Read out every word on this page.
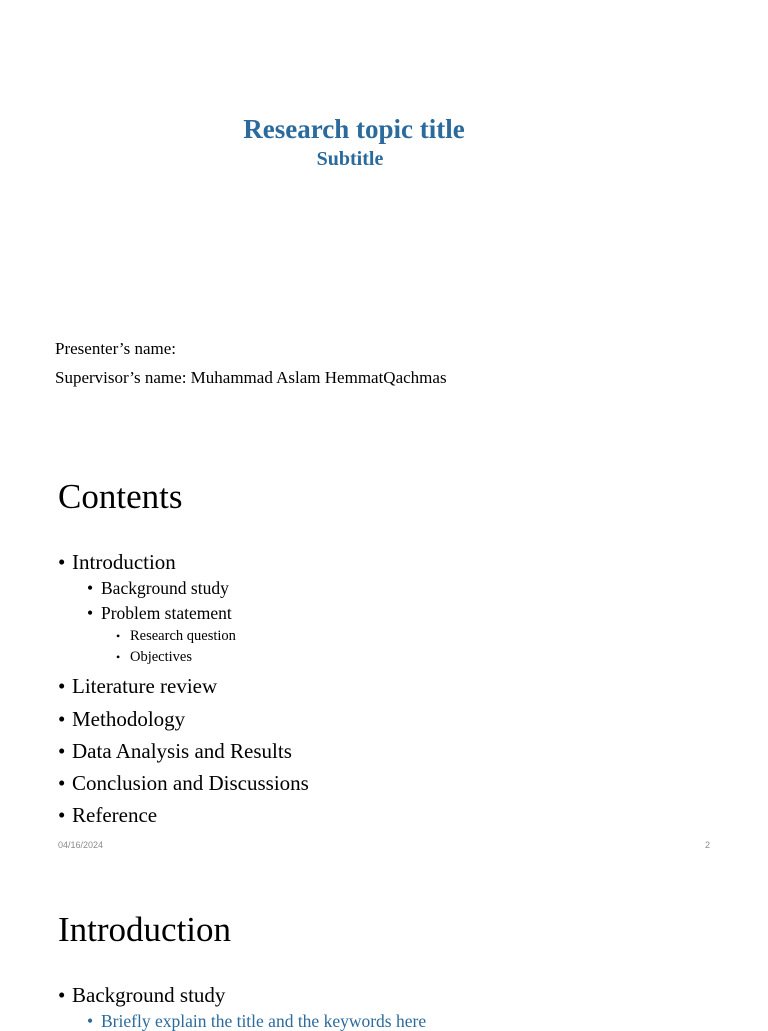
Research topic title
Subtitle
Presenter’s name:
Supervisor’s name: Muhammad Aslam HemmatQachmas
Contents
• Introduction
• Background study
• Problem statement
• Research question
• Objectives
• Literature review
• Methodology
• Data Analysis and Results
• Conclusion and Discussions
• Reference
04/16/2024	2
Introduction
• Background study
• Briefly explain the title and the keywords here
